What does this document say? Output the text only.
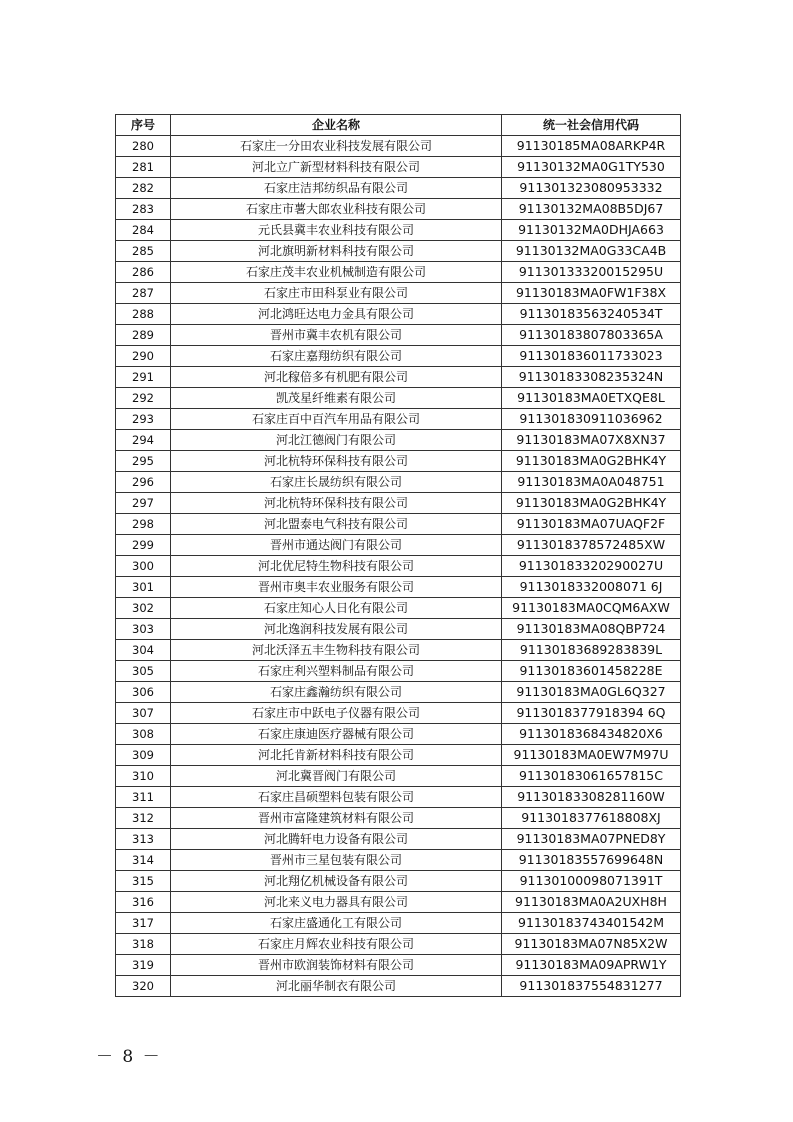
序号	企业名称	统一社会信用代码
280	石家庄一分田农业科技发展有限公司	91130185MA08ARKP4R
281	河北立广新型材料科技有限公司	91130132MA0G1TY530
282	石家庄洁邦纺织品有限公司	911301323080953332
283	石家庄市薯大郎农业科技有限公司	91130132MA08B5DJ67
284	元氏县冀丰农业科技有限公司	91130132MA0DHJA663
285	河北旗明新材料科技有限公司	91130132MA0G33CA4B
286	石家庄茂丰农业机械制造有限公司	91130133320015295U
287	石家庄市田科泵业有限公司	91130183MA0FW1F38X
288	河北鸿旺达电力金具有限公司	91130183563240534T
289	晋州市冀丰农机有限公司	91130183807803365A
290	石家庄嘉翔纺织有限公司	911301836011733023
291	河北稼倍多有机肥有限公司	91130183308235324N
292	凯茂星纤维素有限公司	91130183MA0ETXQE8L
293	石家庄百中百汽车用品有限公司	911301830911036962
294	河北江德阀门有限公司	91130183MA07X8XN37
295	河北杭特环保科技有限公司	91130183MA0G2BHK4Y
296	石家庄长晟纺织有限公司	91130183MA0A048751
297	河北杭特环保科技有限公司	91130183MA0G2BHK4Y
298	河北盟泰电气科技有限公司	91130183MA07UAQF2F
299	晋州市通达阀门有限公司	9113018378572485XW
300	河北优尼特生物科技有限公司	91130183320290027U
301	晋州市奥丰农业服务有限公司	9113018332008071 6J
302	石家庄知心人日化有限公司	91130183MA0CQM6AXW
303	河北逸润科技发展有限公司	91130183MA08QBP724
304	河北沃泽五丰生物科技有限公司	91130183689283839L
305	石家庄利兴塑料制品有限公司	91130183601458228E
306	石家庄鑫瀚纺织有限公司	91130183MA0GL6Q327
307	石家庄市中跃电子仪器有限公司	9113018377918394 6Q
308	石家庄康迪医疗器械有限公司	9113018368434820X6
309	河北托肯新材料科技有限公司	91130183MA0EW7M97U
310	河北冀晋阀门有限公司	91130183061657815C
311	石家庄昌硕塑料包装有限公司	91130183308281160W
312	晋州市富隆建筑材料有限公司	9113018377618808XJ
313	河北腾轩电力设备有限公司	91130183MA07PNED8Y
314	晋州市三星包装有限公司	91130183557699648N
315	河北翔亿机械设备有限公司	91130100098071391T
316	河北来义电力器具有限公司	91130183MA0A2UXH8H
317	石家庄盛通化工有限公司	91130183743401542M
318	石家庄月辉农业科技有限公司	91130183MA07N85X2W
319	晋州市欧润装饰材料有限公司	91130183MA09APRW1Y
320	河北丽华制衣有限公司	911301837554831277
－ 8 －
